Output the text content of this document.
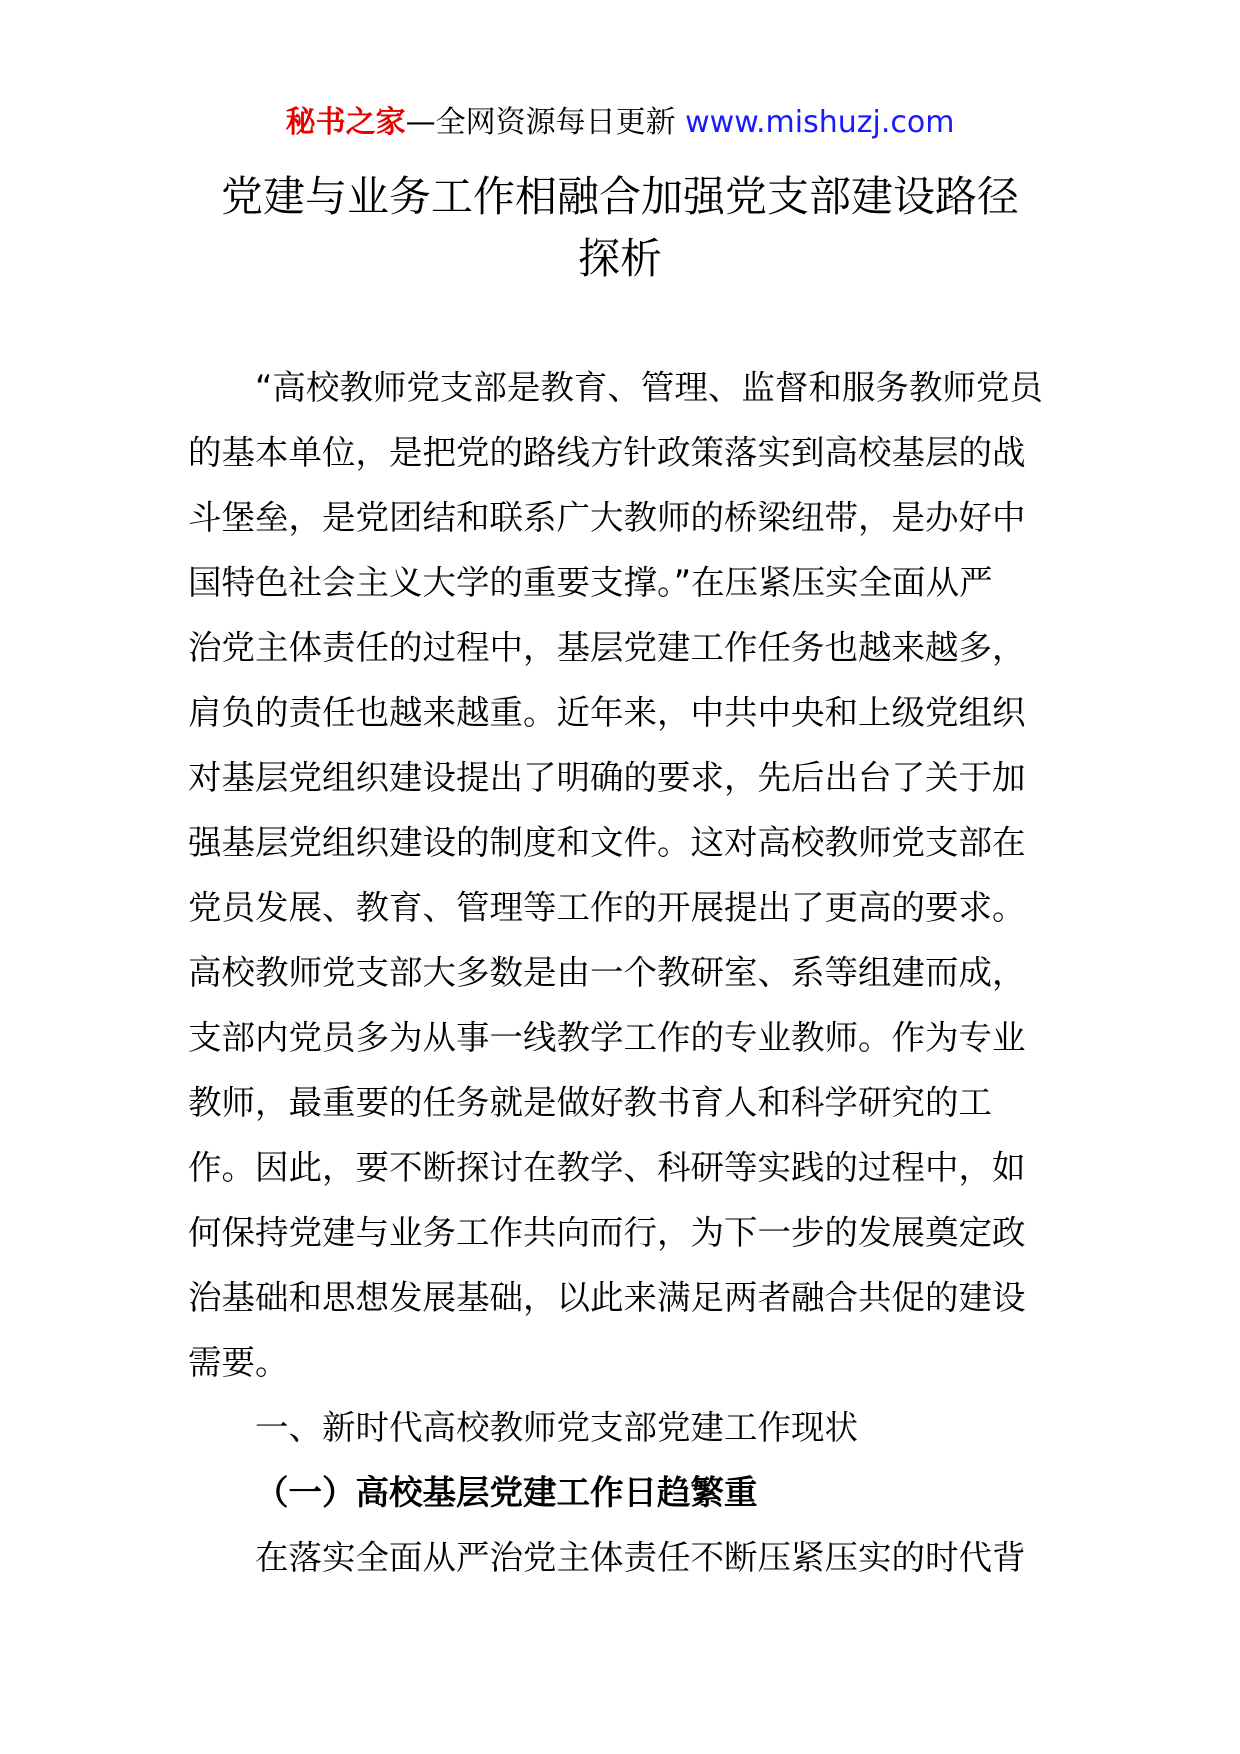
秘书之家—全网资源每日更新 www.mishuzj.com
党建与业务工作相融合加强党支部建设路径
探析
“高校教师党支部是教育、管理、监督和服务教师党员
的基本单位，是把党的路线方针政策落实到高校基层的战
斗堡垒，是党团结和联系广大教师的桥梁纽带，是办好中
国特色社会主义大学的重要支撑。”在压紧压实全面从严
治党主体责任的过程中，基层党建工作任务也越来越多，
肩负的责任也越来越重。近年来，中共中央和上级党组织
对基层党组织建设提出了明确的要求，先后出台了关于加
强基层党组织建设的制度和文件。这对高校教师党支部在
党员发展、教育、管理等工作的开展提出了更高的要求。
高校教师党支部大多数是由一个教研室、系等组建而成，
支部内党员多为从事一线教学工作的专业教师。作为专业
教师，最重要的任务就是做好教书育人和科学研究的工
作。因此，要不断探讨在教学、科研等实践的过程中，如
何保持党建与业务工作共向而行，为下一步的发展奠定政
治基础和思想发展基础，以此来满足两者融合共促的建设
需要。
一、新时代高校教师党支部党建工作现状
（一）高校基层党建工作日趋繁重
在落实全面从严治党主体责任不断压紧压实的时代背
